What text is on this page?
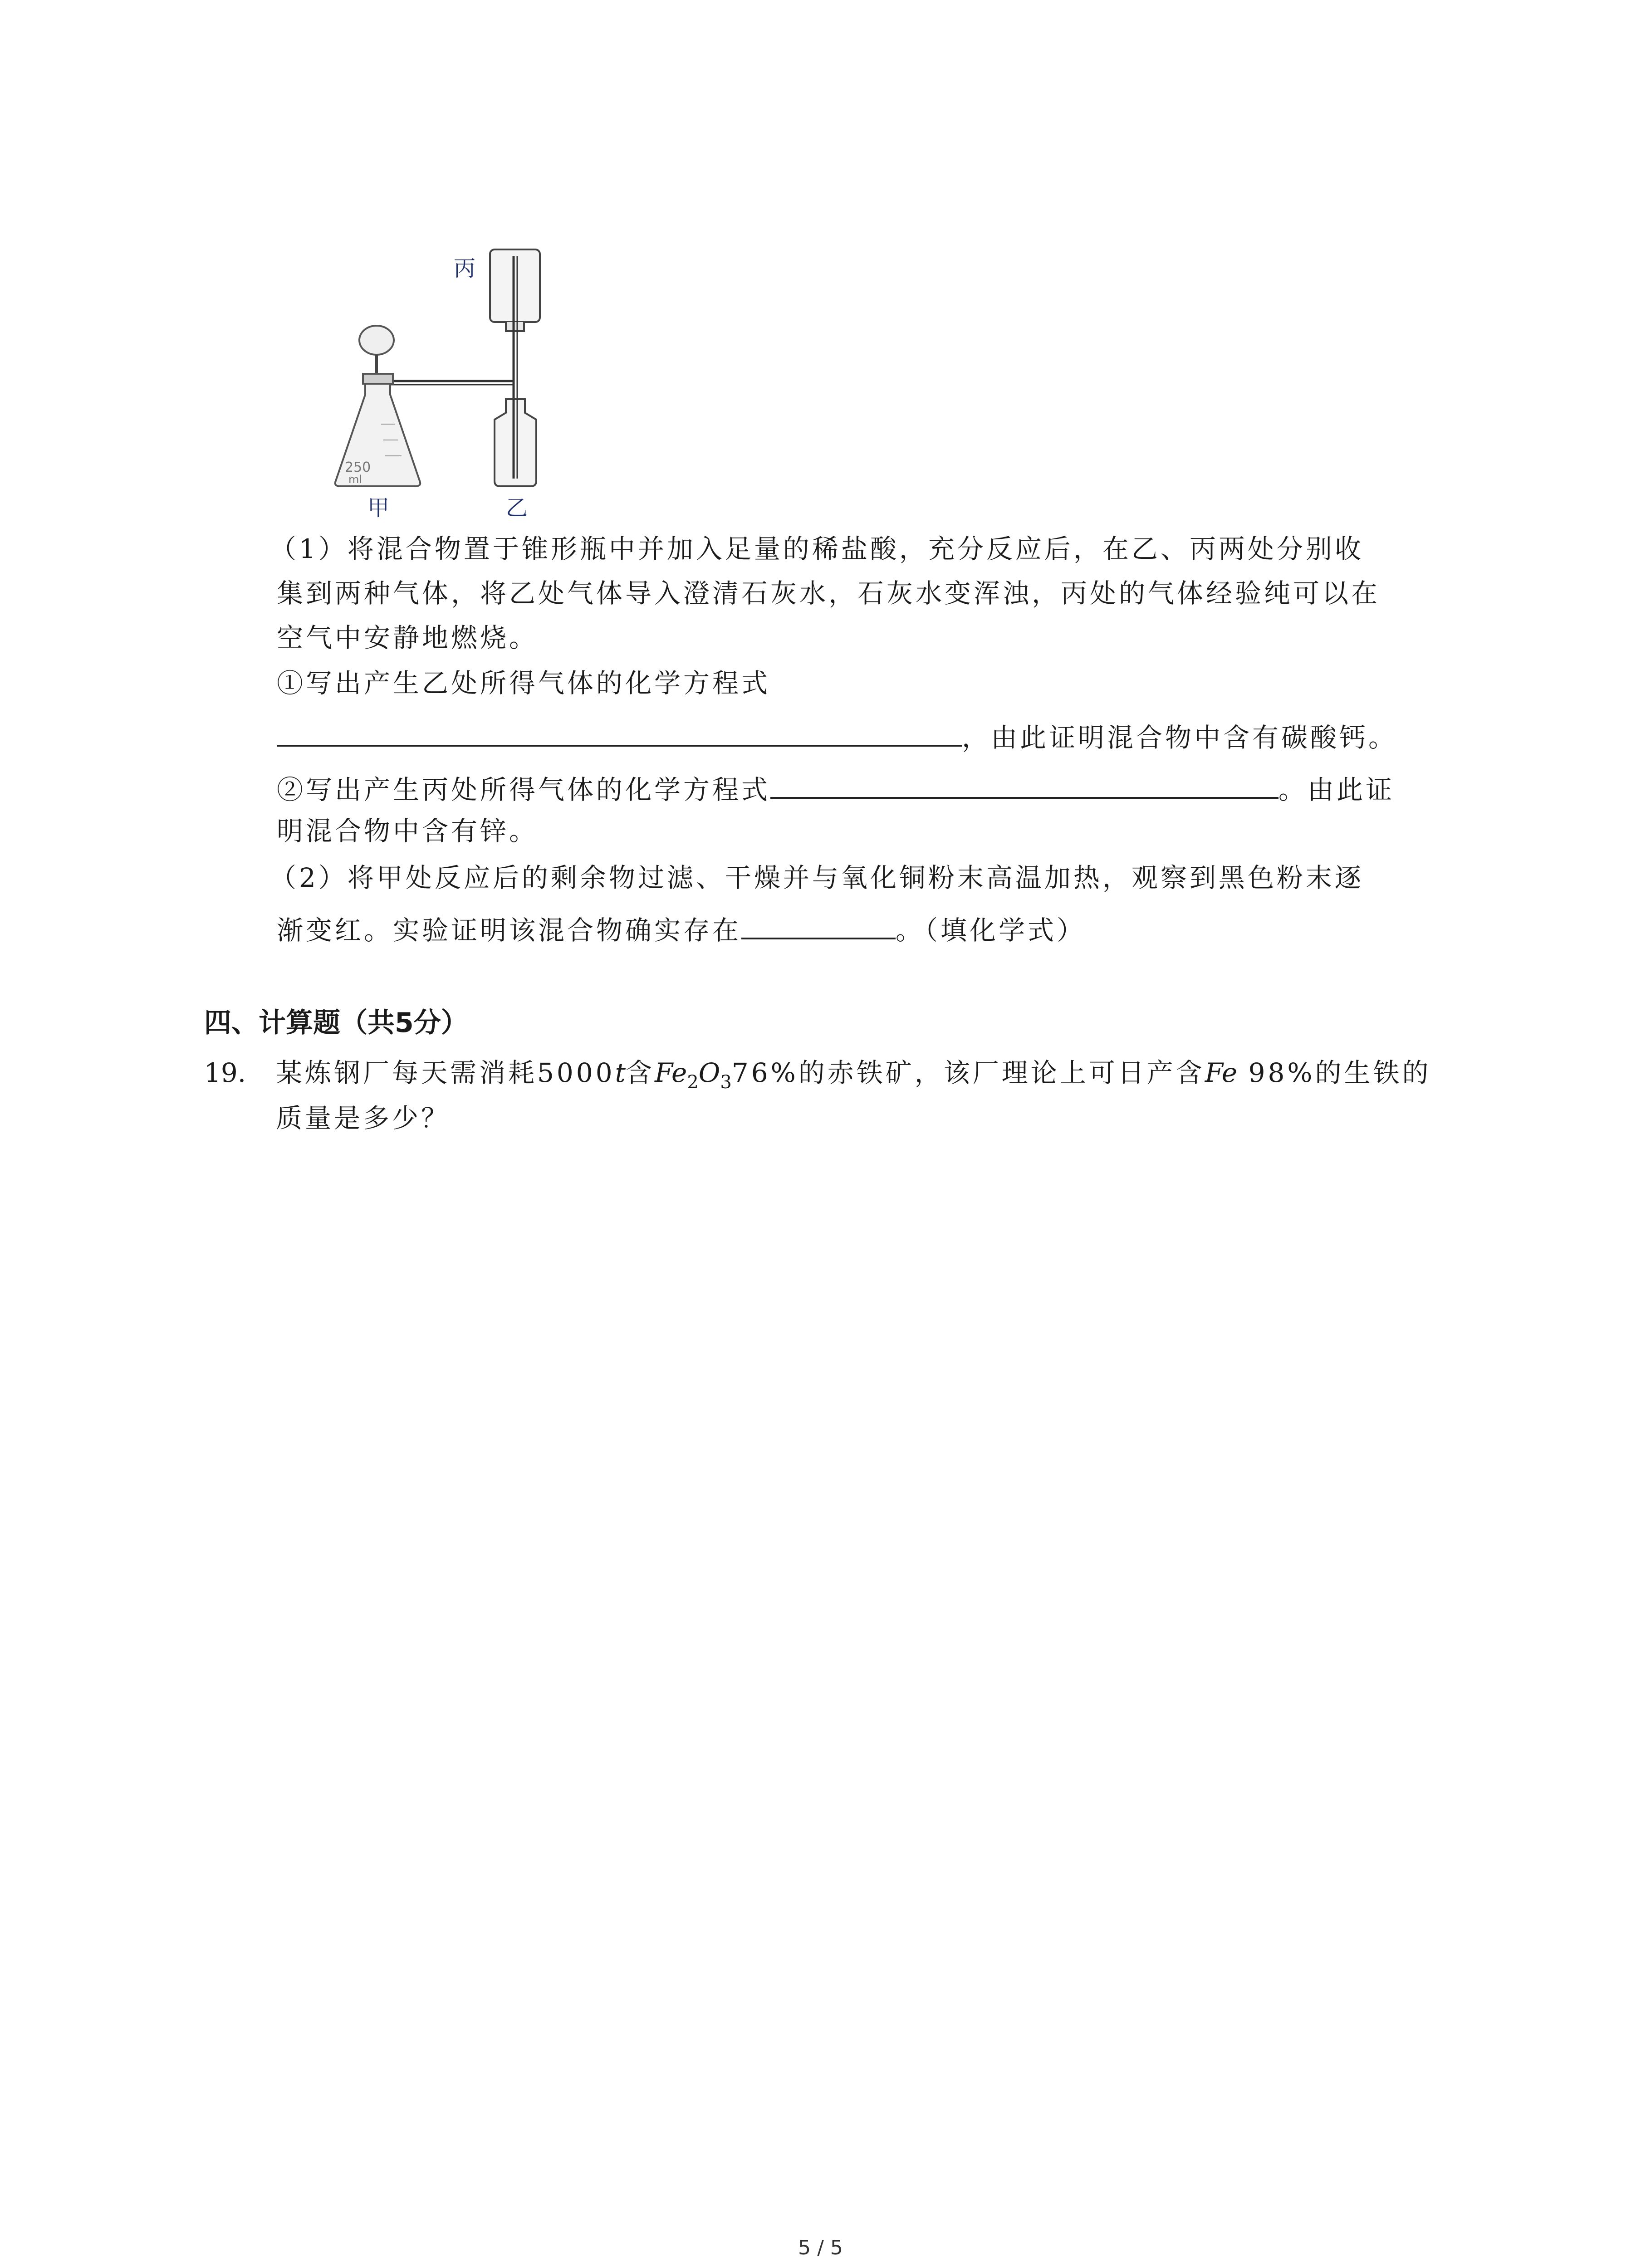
丙
250
ml
甲	乙
（1）将混合物置于锥形瓶中并加入足量的稀盐酸，充分反应后，在乙、丙两处分别收
集到两种气体，将乙处气体导入澄清石灰水，石灰水变浑浊，丙处的气体经验纯可以在
空气中安静地燃烧。
①写出产生乙处所得气体的化学方程式
，由此证明混合物中含有碳酸钙。
②写出产生丙处所得气体的化学方程式	。由此证
明混合物中含有锌。
（2）将甲处反应后的剩余物过滤、干燥并与氧化铜粉末高温加热，观察到黑色粉末逐
渐变红。实验证明该混合物确实存在	。（填化学式）
四、计算题（共5分）
19. 某炼钢厂每天需消耗5000t含$Fe_2O_376\%$的赤铁矿，该厂理论上可日产含Fe 98%的生铁的
质量是多少？
5 / 5
